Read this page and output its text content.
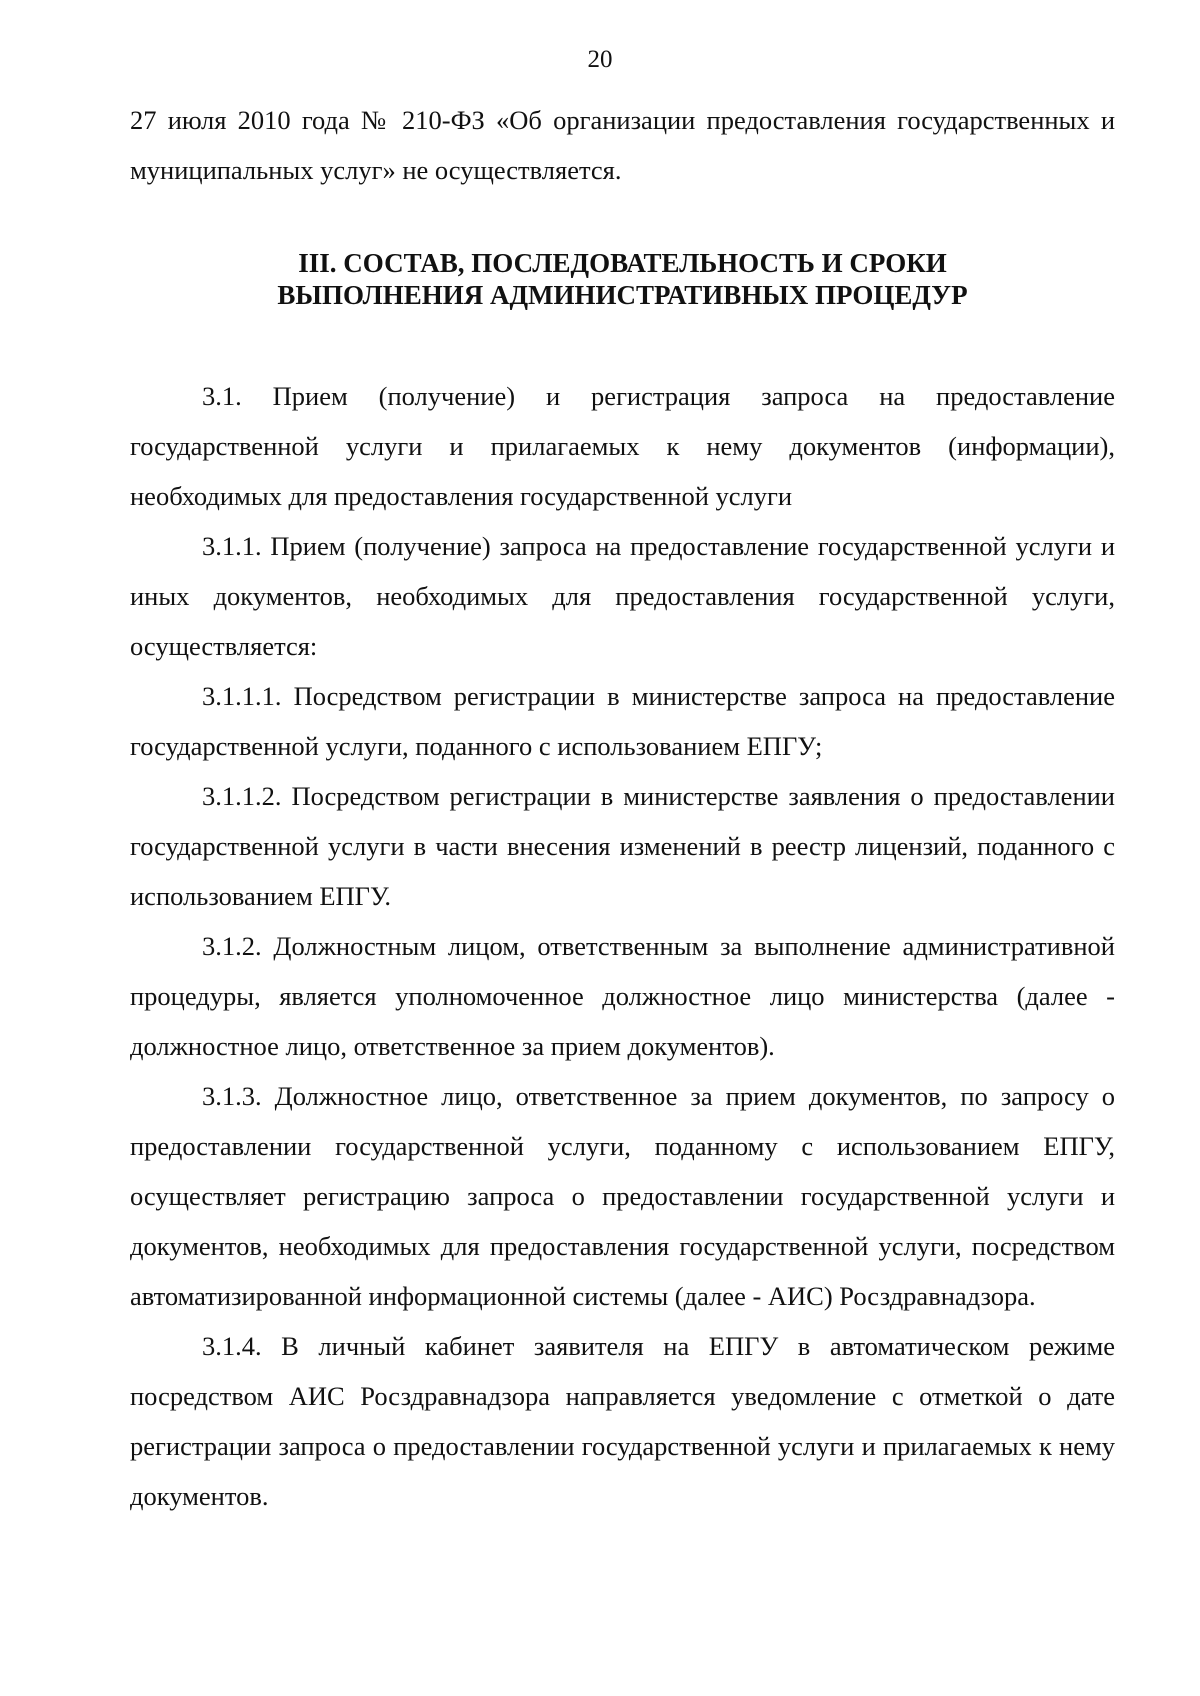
20

27 июля 2010 года № 210-ФЗ «Об организации предоставления государственных и муниципальных услуг» не осуществляется.

III. СОСТАВ, ПОСЛЕДОВАТЕЛЬНОСТЬ И СРОКИ
ВЫПОЛНЕНИЯ АДМИНИСТРАТИВНЫХ ПРОЦЕДУР

3.1. Прием (получение) и регистрация запроса на предоставление государственной услуги и прилагаемых к нему документов (информации), необходимых для предоставления государственной услуги

3.1.1. Прием (получение) запроса на предоставление государственной услуги и иных документов, необходимых для предоставления государственной услуги, осуществляется:

3.1.1.1. Посредством регистрации в министерстве запроса на предоставление государственной услуги, поданного с использованием ЕПГУ;

3.1.1.2. Посредством регистрации в министерстве заявления о предоставлении государственной услуги в части внесения изменений в реестр лицензий, поданного с использованием ЕПГУ.

3.1.2. Должностным лицом, ответственным за выполнение административной процедуры, является уполномоченное должностное лицо министерства (далее - должностное лицо, ответственное за прием документов).

3.1.3. Должностное лицо, ответственное за прием документов, по запросу о предоставлении государственной услуги, поданному с использованием ЕПГУ, осуществляет регистрацию запроса о предоставлении государственной услуги и документов, необходимых для предоставления государственной услуги, посредством автоматизированной информационной системы (далее - АИС) Росздравнадзора.

3.1.4. В личный кабинет заявителя на ЕПГУ в автоматическом режиме посредством АИС Росздравнадзора направляется уведомление с отметкой о дате регистрации запроса о предоставлении государственной услуги и прилагаемых к нему документов.
